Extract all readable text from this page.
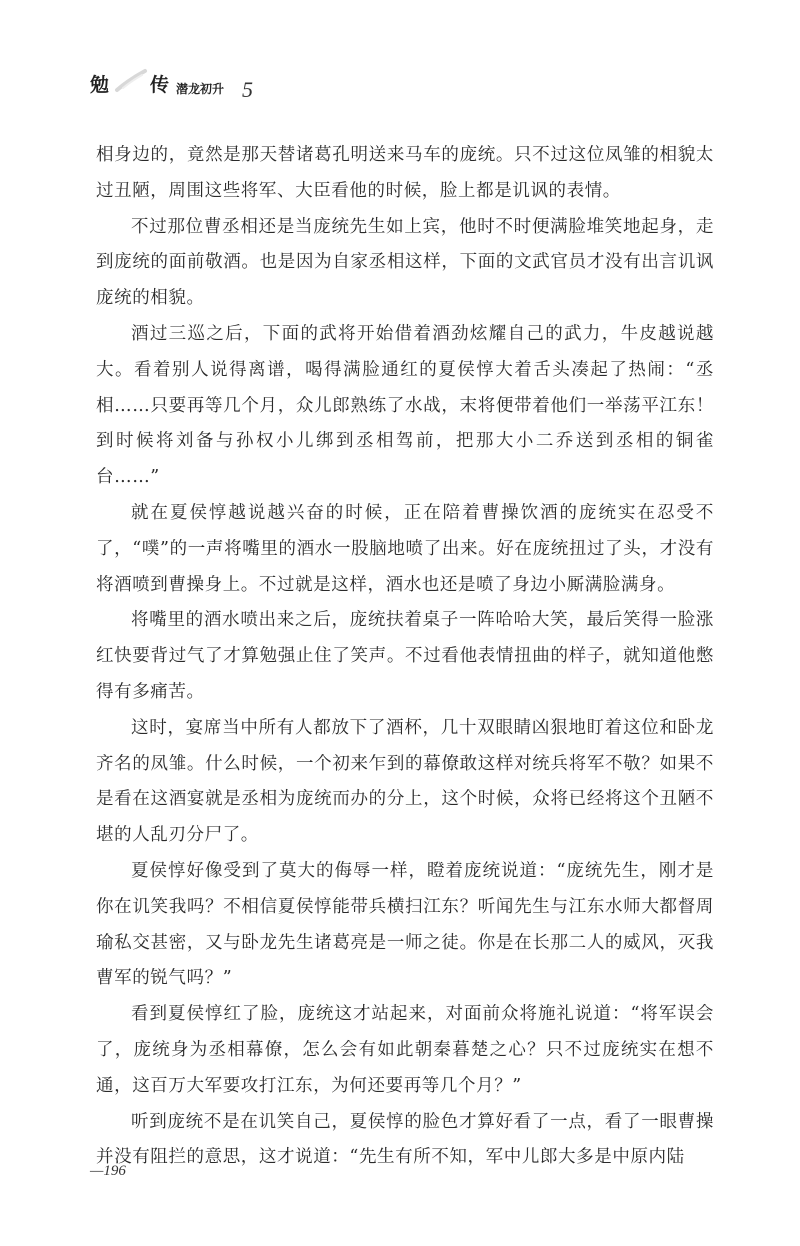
勉 传 潜龙初升 5

相身边的，竟然是那天替诸葛孔明送来马车的庞统。只不过这位凤雏的相貌太过丑陋，周围这些将军、大臣看他的时候，脸上都是讥讽的表情。

不过那位曹丞相还是当庞统先生如上宾，他时不时便满脸堆笑地起身，走到庞统的面前敬酒。也是因为自家丞相这样，下面的文武官员才没有出言讥讽庞统的相貌。

酒过三巡之后，下面的武将开始借着酒劲炫耀自己的武力，牛皮越说越大。看着别人说得离谱，喝得满脸通红的夏侯惇大着舌头凑起了热闹：“丞相……只要再等几个月，众儿郎熟练了水战，末将便带着他们一举荡平江东！到时候将刘备与孙权小儿绑到丞相驾前，把那大小二乔送到丞相的铜雀台……”

就在夏侯惇越说越兴奋的时候，正在陪着曹操饮酒的庞统实在忍受不了，“噗”的一声将嘴里的酒水一股脑地喷了出来。好在庞统扭过了头，才没有将酒喷到曹操身上。不过就是这样，酒水也还是喷了身边小厮满脸满身。

将嘴里的酒水喷出来之后，庞统扶着桌子一阵哈哈大笑，最后笑得一脸涨红快要背过气了才算勉强止住了笑声。不过看他表情扭曲的样子，就知道他憋得有多痛苦。

这时，宴席当中所有人都放下了酒杯，几十双眼睛凶狠地盯着这位和卧龙齐名的凤雏。什么时候，一个初来乍到的幕僚敢这样对统兵将军不敬？如果不是看在这酒宴就是丞相为庞统而办的分上，这个时候，众将已经将这个丑陋不堪的人乱刃分尸了。

夏侯惇好像受到了莫大的侮辱一样，瞪着庞统说道：“庞统先生，刚才是你在讥笑我吗？不相信夏侯惇能带兵横扫江东？听闻先生与江东水师大都督周瑜私交甚密，又与卧龙先生诸葛亮是一师之徒。你是在长那二人的威风，灭我曹军的锐气吗？”

看到夏侯惇红了脸，庞统这才站起来，对面前众将施礼说道：“将军误会了，庞统身为丞相幕僚，怎么会有如此朝秦暮楚之心？只不过庞统实在想不通，这百万大军要攻打江东，为何还要再等几个月？”

听到庞统不是在讥笑自己，夏侯惇的脸色才算好看了一点，看了一眼曹操并没有阻拦的意思，这才说道：“先生有所不知，军中儿郎大多是中原内陆

—196
